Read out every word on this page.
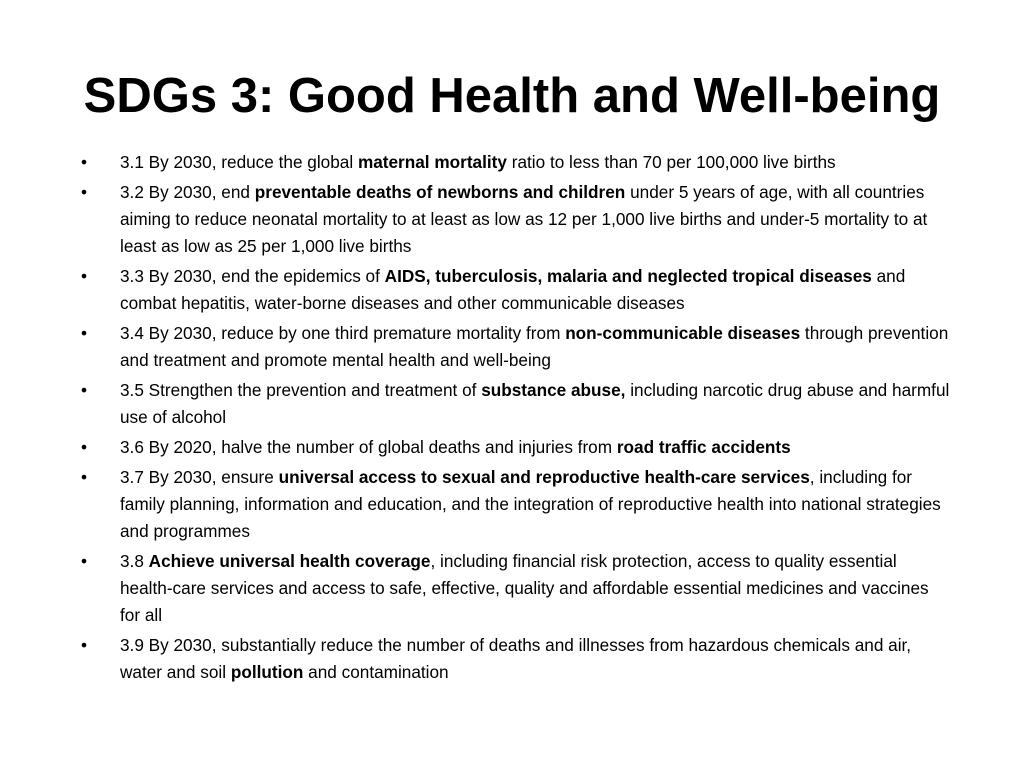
SDGs 3: Good Health and Well-being
•	3.1 By 2030, reduce the global maternal mortality ratio to less than 70 per 100,000 live births
•	3.2 By 2030, end preventable deaths of newborns and children under 5 years of age, with all countries aiming to reduce neonatal mortality to at least as low as 12 per 1,000 live births and under-5 mortality to at least as low as 25 per 1,000 live births
•	3.3 By 2030, end the epidemics of AIDS, tuberculosis, malaria and neglected tropical diseases and combat hepatitis, water-borne diseases and other communicable diseases
•	3.4 By 2030, reduce by one third premature mortality from non-communicable diseases through prevention and treatment and promote mental health and well-being
•	3.5 Strengthen the prevention and treatment of substance abuse, including narcotic drug abuse and harmful use of alcohol
•	3.6 By 2020, halve the number of global deaths and injuries from road traffic accidents
•	3.7 By 2030, ensure universal access to sexual and reproductive health-care services, including for family planning, information and education, and the integration of reproductive health into national strategies and programmes
•	3.8 Achieve universal health coverage, including financial risk protection, access to quality essential health-care services and access to safe, effective, quality and affordable essential medicines and vaccines for all
•	3.9 By 2030, substantially reduce the number of deaths and illnesses from hazardous chemicals and air, water and soil pollution and contamination
